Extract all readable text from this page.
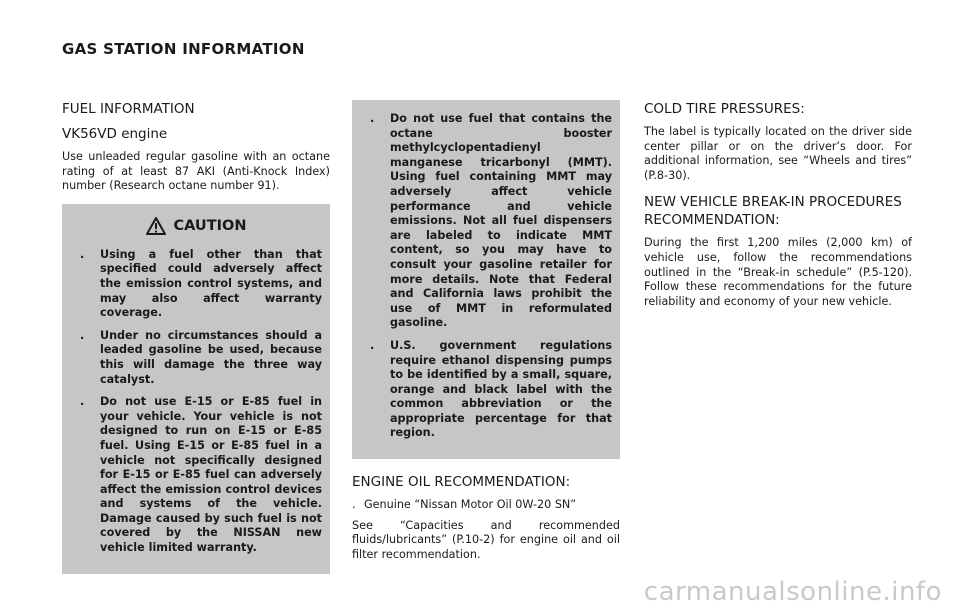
GAS STATION INFORMATION
FUEL INFORMATION
VK56VD engine

Use unleaded regular gasoline with an octane rating of at least 87 AKI (Anti-Knock Index) number (Research octane number 91).

CAUTION
. Using a fuel other than that specified could adversely affect the emission control systems, and may also affect warranty coverage.
. Under no circumstances should a leaded gasoline be used, because this will damage the three way catalyst.
. Do not use E-15 or E-85 fuel in your vehicle. Your vehicle is not designed to run on E-15 or E-85 fuel. Using E-15 or E-85 fuel in a vehicle not specifically designed for E-15 or E-85 fuel can adversely affect the emission control devices and systems of the vehicle. Damage caused by such fuel is not covered by the NISSAN new vehicle limited warranty.
. Do not use fuel that contains the octane booster methylcyclopentadienyl manganese tricarbonyl (MMT). Using fuel containing MMT may adversely affect vehicle performance and vehicle emissions. Not all fuel dispensers are labeled to indicate MMT content, so you may have to consult your gasoline retailer for more details. Note that Federal and California laws prohibit the use of MMT in reformulated gasoline.
. U.S. government regulations require ethanol dispensing pumps to be identified by a small, square, orange and black label with the common abbreviation or the appropriate percentage for that region.
ENGINE OIL RECOMMENDATION:
. Genuine “Nissan Motor Oil 0W-20 SN”

See “Capacities and recommended fluids/lubricants” (P.10-2) for engine oil and oil filter recommendation.

COLD TIRE PRESSURES:

The label is typically located on the driver side center pillar or on the driver’s door. For additional information, see “Wheels and tires” (P.8-30).

NEW VEHICLE BREAK-IN PROCEDURES RECOMMENDATION:

During the first 1,200 miles (2,000 km) of vehicle use, follow the recommendations outlined in the “Break-in schedule” (P.5-120). Follow these recommendations for the future reliability and economy of your new vehicle.

carmanualsonline.info
